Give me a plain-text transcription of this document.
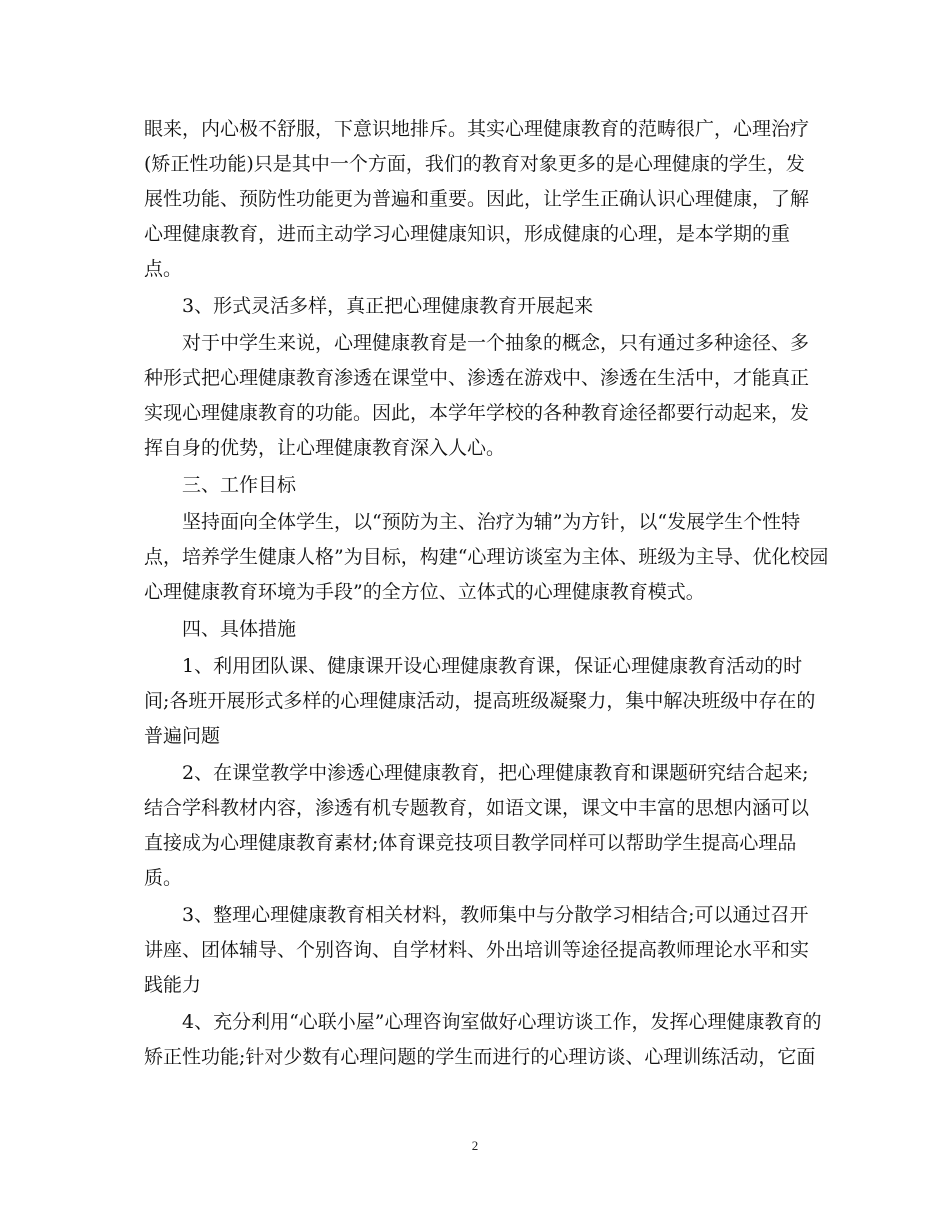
眼来，内心极不舒服，下意识地排斥。其实心理健康教育的范畴很广，心理治疗
(矫正性功能)只是其中一个方面，我们的教育对象更多的是心理健康的学生，发
展性功能、预防性功能更为普遍和重要。因此，让学生正确认识心理健康，了解
心理健康教育，进而主动学习心理健康知识，形成健康的心理，是本学期的重
点。
3、形式灵活多样，真正把心理健康教育开展起来
对于中学生来说，心理健康教育是一个抽象的概念，只有通过多种途径、多
种形式把心理健康教育渗透在课堂中、渗透在游戏中、渗透在生活中，才能真正
实现心理健康教育的功能。因此，本学年学校的各种教育途径都要行动起来，发
挥自身的优势，让心理健康教育深入人心。
三、工作目标
坚持面向全体学生，以“预防为主、治疗为辅”为方针，以“发展学生个性特
点，培养学生健康人格”为目标，构建“心理访谈室为主体、班级为主导、优化校园
心理健康教育环境为手段”的全方位、立体式的心理健康教育模式。
四、具体措施
1、利用团队课、健康课开设心理健康教育课，保证心理健康教育活动的时
间;各班开展形式多样的心理健康活动，提高班级凝聚力，集中解决班级中存在的
普遍问题
2、在课堂教学中渗透心理健康教育，把心理健康教育和课题研究结合起来;
结合学科教材内容，渗透有机专题教育，如语文课，课文中丰富的思想内涵可以
直接成为心理健康教育素材;体育课竞技项目教学同样可以帮助学生提高心理品
质。
3、整理心理健康教育相关材料，教师集中与分散学习相结合;可以通过召开
讲座、团体辅导、个别咨询、自学材料、外出培训等途径提高教师理论水平和实
践能力
4、充分利用“心联小屋”心理咨询室做好心理访谈工作，发挥心理健康教育的
矫正性功能;针对少数有心理问题的学生而进行的心理访谈、心理训练活动，它面
2
